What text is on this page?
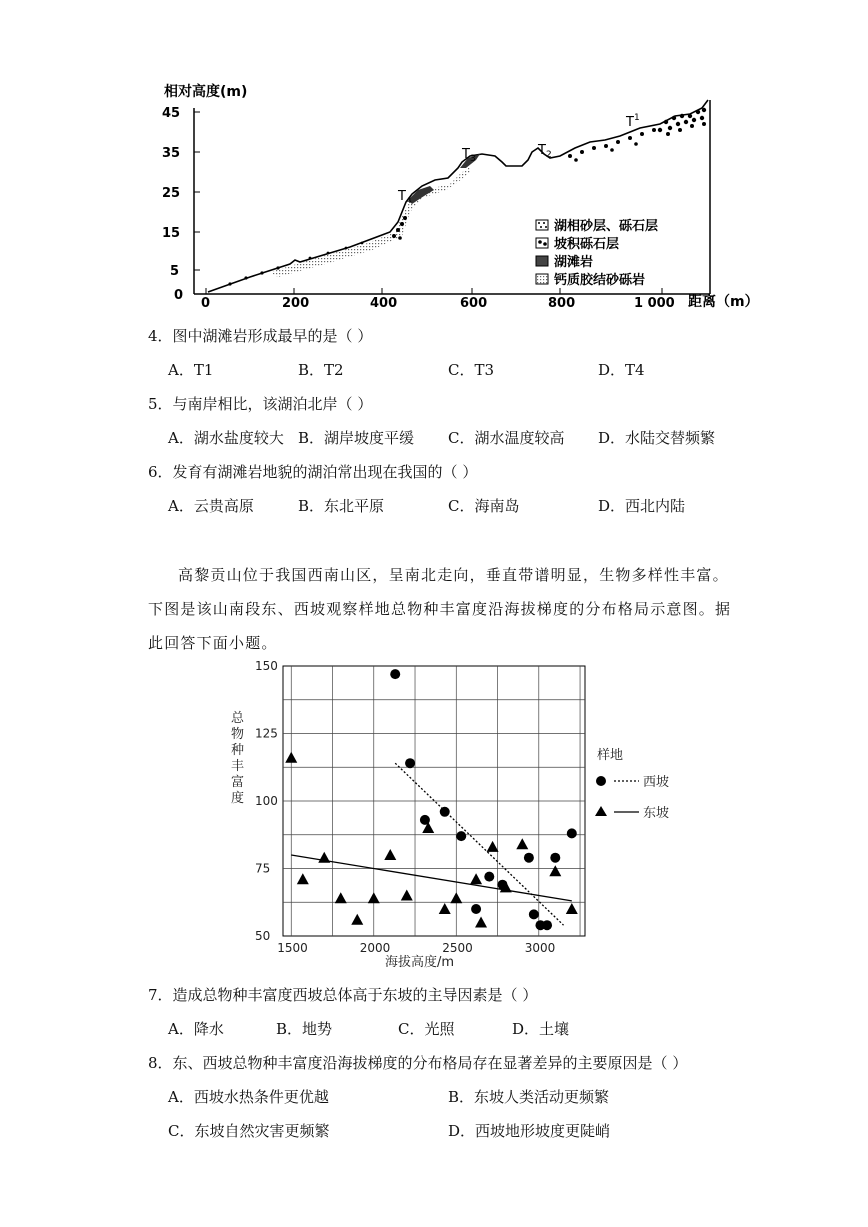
45
35
25
15
5
0
相对高度(m)
0	200	400	600	800	1 000 距离（m）
$T_4$
$T_3$
$T_2$
$T^1$
湖相砂层、砾石层
坡积砾石层
湖滩岩
钙质胶结砂砾岩
4．图中湖滩岩形成最早的是（ ）
A．T1	B．T2	C．T3	D．T4
5．与南岸相比，该湖泊北岸（ ）
A．湖水盐度较大 B．湖岸坡度平缓 C．湖水温度较高 D．水陆交替频繁
6．发育有湖滩岩地貌的湖泊常出现在我国的（ ）
A．云贵高原	B．东北平原	C．海南岛	D．西北内陆
高黎贡山位于我国西南山区，呈南北走向，垂直带谱明显，生物多样性丰富。
下图是该山南段东、西坡观察样地总物种丰富度沿海拔梯度的分布格局示意图。据
此回答下面小题。
50
75
100
125
150
1500	2000	2500	3000
总物种丰富度
海拔高度/m
样地
西坡
东坡
7．造成总物种丰富度西坡总体高于东坡的主导因素是（ ）
A．降水	B．地势	C．光照	D．土壤
8．东、西坡总物种丰富度沿海拔梯度的分布格局存在显著差异的主要原因是（ ）
A．西坡水热条件更优越	B．东坡人类活动更频繁
C．东坡自然灾害更频繁	D．西坡地形坡度更陡峭
